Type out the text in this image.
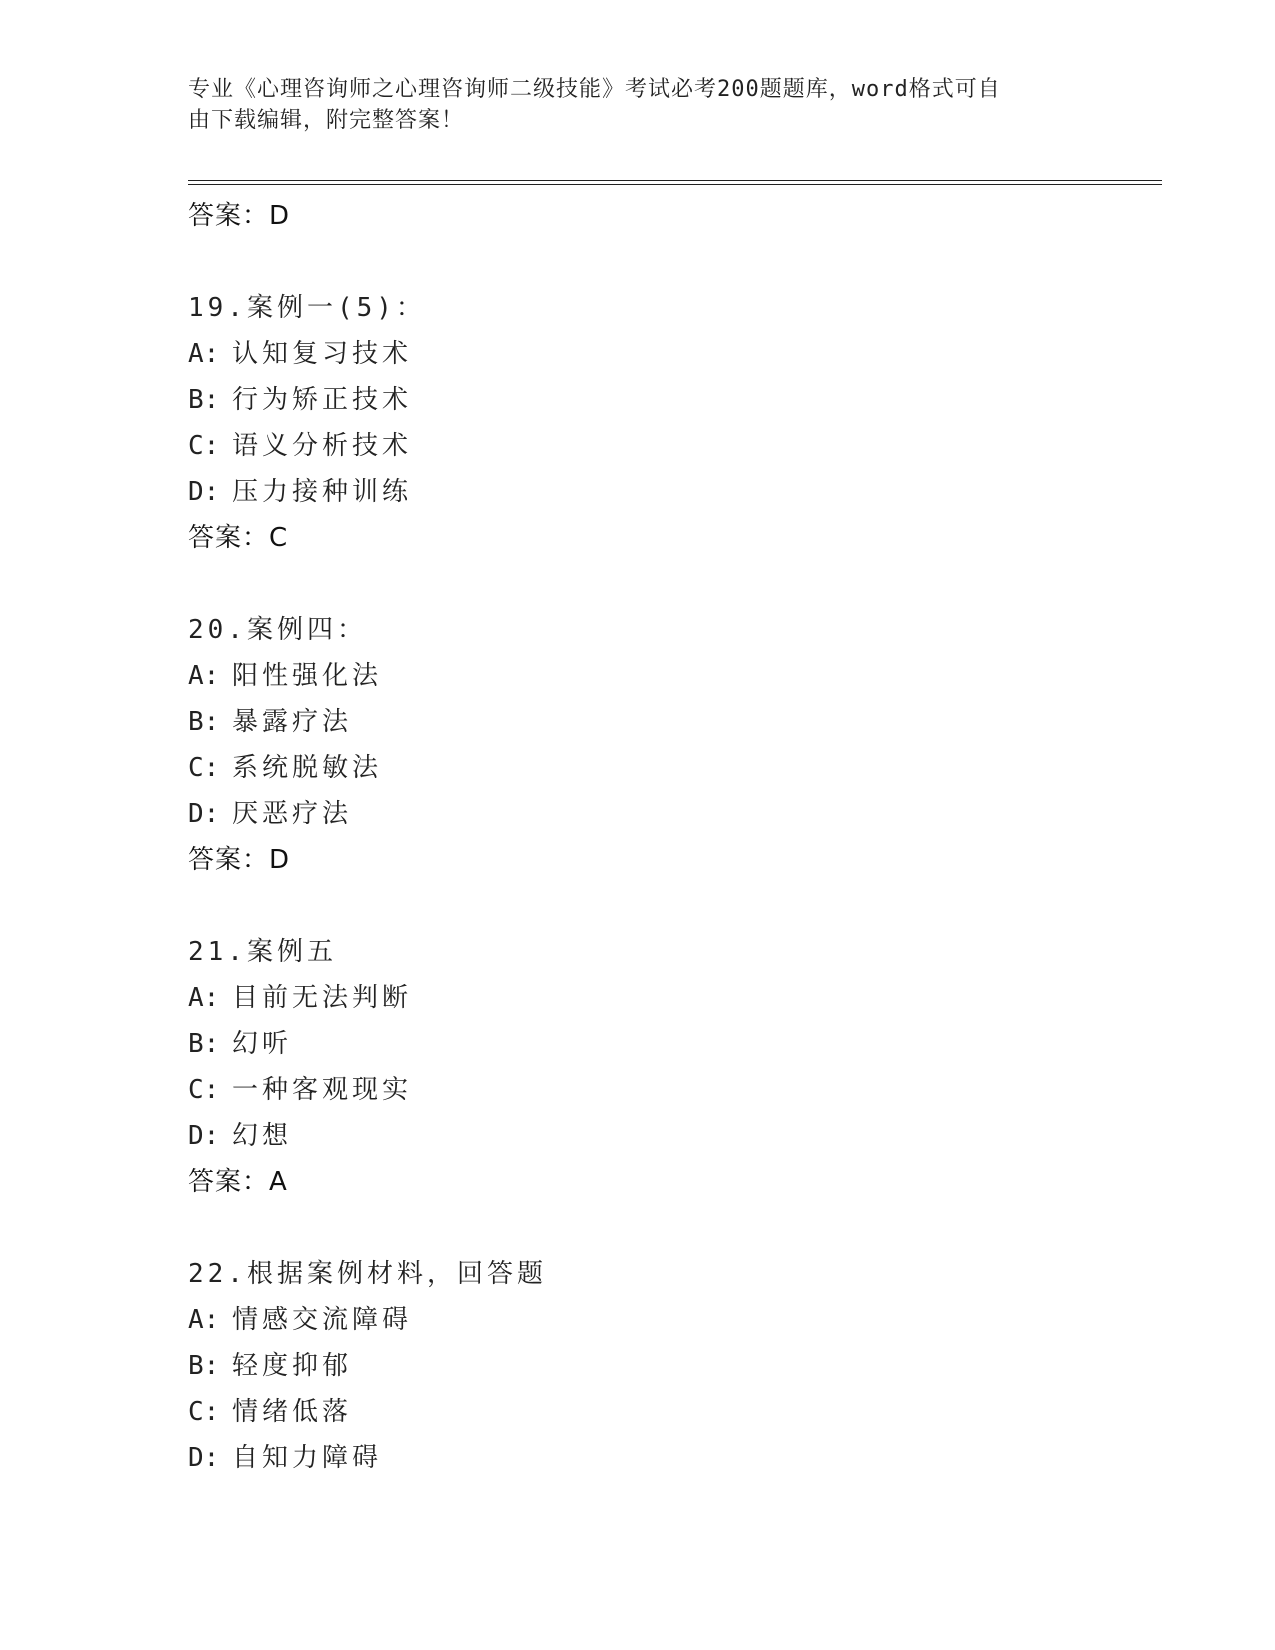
专业《心理咨询师之心理咨询师二级技能》考试必考200题题库，word格式可自
由下载编辑，附完整答案！
答案：D
19.案例一(5)：
A: 认知复习技术
B: 行为矫正技术
C: 语义分析技术
D: 压力接种训练
答案：C
20.案例四：
A: 阳性强化法
B: 暴露疗法
C: 系统脱敏法
D: 厌恶疗法
答案：D
21.案例五
A: 目前无法判断
B: 幻听
C: 一种客观现实
D: 幻想
答案：A
22.根据案例材料，回答题
A: 情感交流障碍
B: 轻度抑郁
C: 情绪低落
D: 自知力障碍
